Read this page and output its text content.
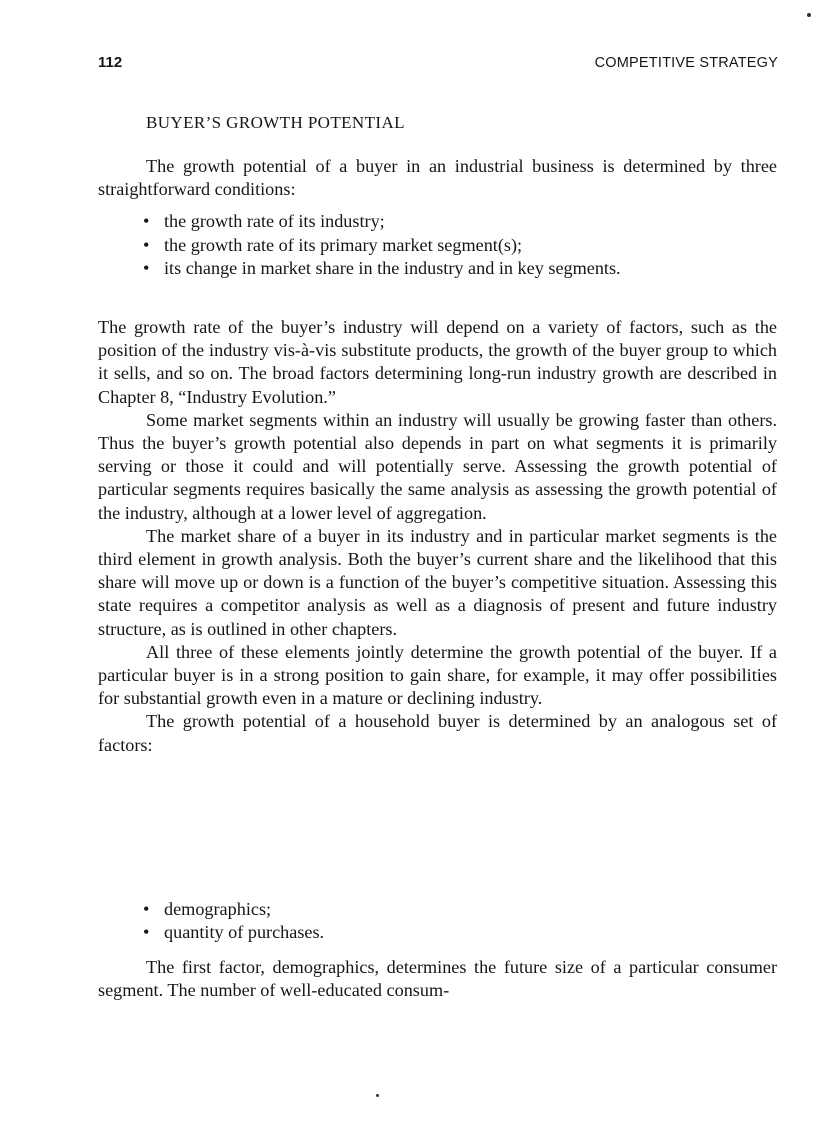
112	COMPETITIVE STRATEGY
BUYER’S GROWTH POTENTIAL

The growth potential of a buyer in an industrial business is determined by three straightforward conditions:

• the growth rate of its industry;
• the growth rate of its primary market segment(s);
• its change in market share in the industry and in key segments.

The growth rate of the buyer’s industry will depend on a variety of factors, such as the position of the industry vis-à-vis substitute products, the growth of the buyer group to which it sells, and so on. The broad factors determining long-run industry growth are described in Chapter 8, “Industry Evolution.”

Some market segments within an industry will usually be growing faster than others. Thus the buyer’s growth potential also depends in part on what segments it is primarily serving or those it could and will potentially serve. Assessing the growth potential of particular segments requires basically the same analysis as assessing the growth potential of the industry, although at a lower level of aggregation.

The market share of a buyer in its industry and in particular market segments is the third element in growth analysis. Both the buyer’s current share and the likelihood that this share will move up or down is a function of the buyer’s competitive situation. Assessing this state requires a competitor analysis as well as a diagnosis of present and future industry structure, as is outlined in other chapters.

All three of these elements jointly determine the growth potential of the buyer. If a particular buyer is in a strong position to gain share, for example, it may offer possibilities for substantial growth even in a mature or declining industry.

The growth potential of a household buyer is determined by an analogous set of factors:

• demographics;
• quantity of purchases.

The first factor, demographics, determines the future size of a particular consumer segment. The number of well-educated consum-
